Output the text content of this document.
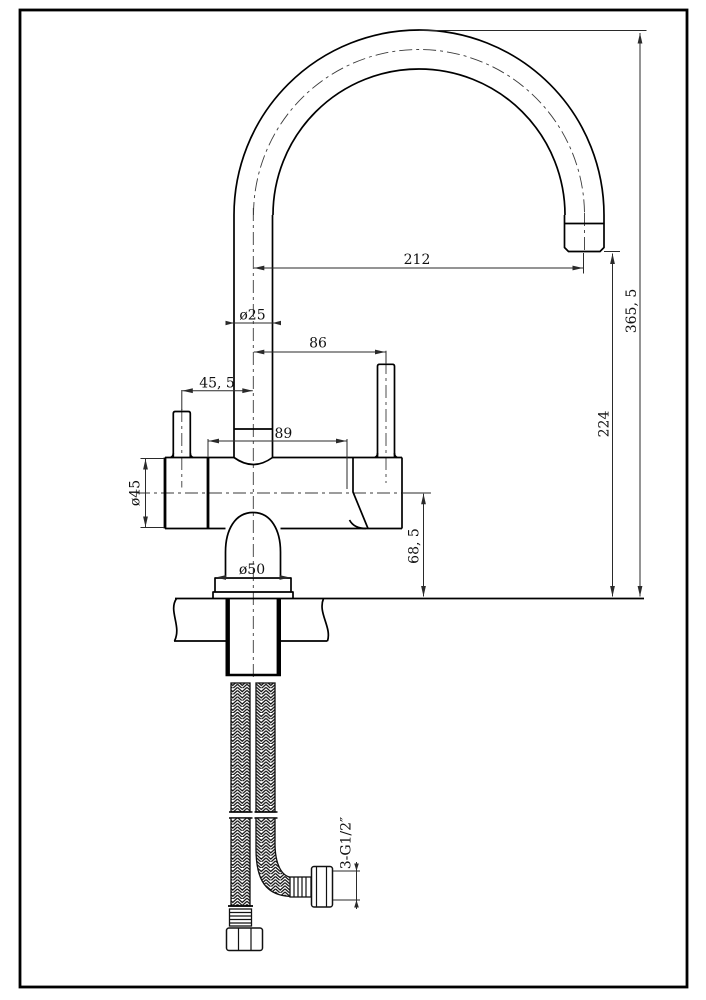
212
365, 5
224
ø25
86
45, 5
89
ø45
68, 5
ø50
3-G1/2″
